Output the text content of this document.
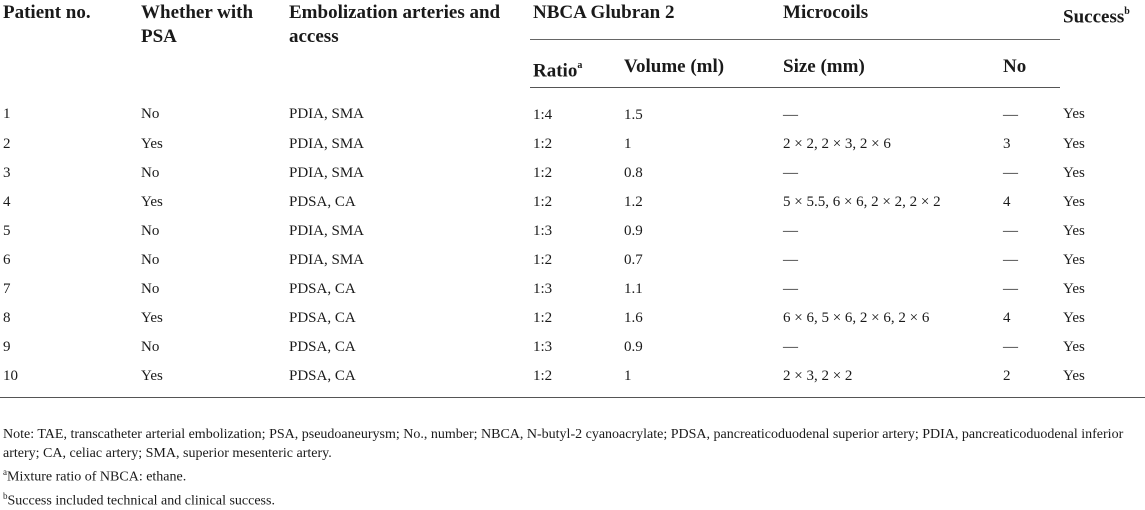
Patient no.	Whether with PSA	Embolization arteries and access	NBCA Glubran 2		Microcoils		Success$^b$
			Ratio$^a$	Volume (ml)	Size (mm)	No	
1	No	PDIA, SMA	1:4	1.5	—	—	Yes
2	Yes	PDIA, SMA	1:2	1	2 × 2, 2 × 3, 2 × 6	3	Yes
3	No	PDIA, SMA	1:2	0.8	—	—	Yes
4	Yes	PDSA, CA	1:2	1.2	5 × 5.5, 6 × 6, 2 × 2, 2 × 2	4	Yes
5	No	PDIA, SMA	1:3	0.9	—	—	Yes
6	No	PDIA, SMA	1:2	0.7	—	—	Yes
7	No	PDSA, CA	1:3	1.1	—	—	Yes
8	Yes	PDSA, CA	1:2	1.6	6 × 6, 5 × 6, 2 × 6, 2 × 6	4	Yes
9	No	PDSA, CA	1:3	0.9	—	—	Yes
10	Yes	PDSA, CA	1:2	1	2 × 3, 2 × 2	2	Yes

Note: TAE, transcatheter arterial embolization; PSA, pseudoaneurysm; No., number; NBCA, N-butyl-2 cyanoacrylate; PDSA, pancreaticoduodenal superior artery; PDIA, pancreaticoduodenal inferior artery; CA, celiac artery; SMA, superior mesenteric artery.

$^a$Mixture ratio of NBCA: ethane.

$^b$Success included technical and clinical success.
